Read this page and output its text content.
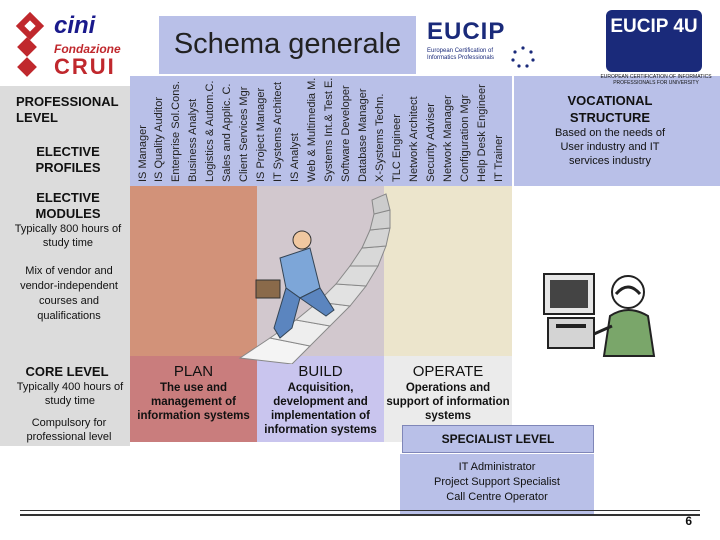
Schema generale
cini
Fondazione
CRUI
EUCIP
European Certification of Informatics Professionals
EUCIP 4U
EUROPEAN CERTIFICATION OF INFORMATICS PROFESSIONALS FOR UNIVERSITY
PROFESSIONAL LEVEL
ELECTIVE PROFILES
ELECTIVE MODULES
Typically 800 hours of study time
Mix of vendor and vendor-independent courses and qualifications
CORE LEVEL
Typically 400 hours of study time
Compulsory for professional level
IS Manager IS Quality Auditor Enterprise Sol.Cons. Business Analyst Logistics & Autom.C. Sales and Applic. C. Client Services Mgr IS Project Manager IT Systems Architect IS Analyst Web & Multimedia M. Systems Int.& Test E. Software Developer Database Manager X-Systems Techn. TLC Engineer Network Architect Security Adviser Network Manager Configuration Mgr Help Desk Engineer IT Trainer
VOCATIONAL STRUCTURE
Based on the needs of User industry and IT services industry
PLAN
The use and management of information systems
BUILD
Acquisition, development and implementation of information systems
OPERATE
Operations and support of information systems
SPECIALIST LEVEL
IT Administrator
Project Support Specialist
Call Centre Operator
6
